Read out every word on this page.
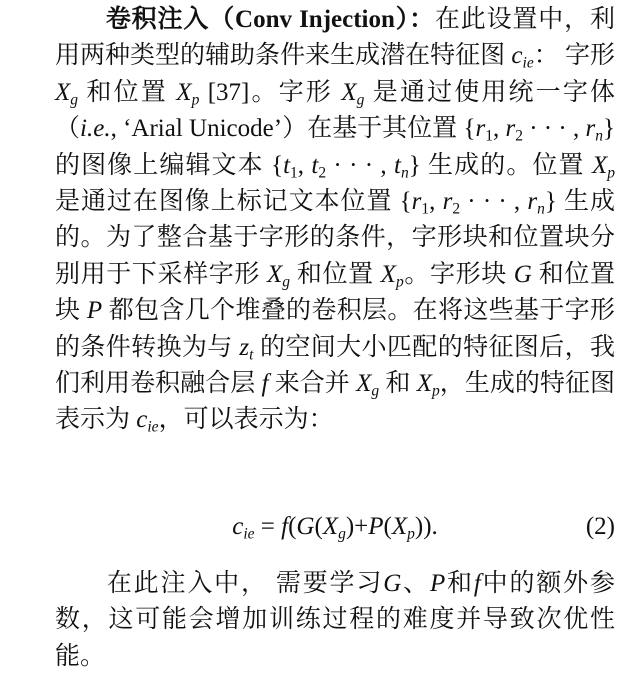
卷积注入（Conv Injection）：在此设置中，利用两种类型的辅助条件来生成潜在特征图 $c_{ie}$： 字形 $X_g$ 和位置 $X_p$ [37]。字形 $X_g$ 是通过使用统一字体（i.e., ‘Arial Unicode’）在基于其位置 {$r_1$, $r_2$ · · · , $r_n$} 的图像上编辑文本 {$t_1$, $t_2$ · · · , $t_n$} 生成的。位置 $X_p$ 是通过在图像上标记文本位置 {$r_1$, $r_2$ · · · , $r_n$} 生成的。为了整合基于字形的条件，字形块和位置块分别用于下采样字形 $X_g$ 和位置 $X_p$。字形块 G 和位置块 P 都包含几个堆叠的卷积层。在将这些基于字形的条件转换为与 $z_t$ 的空间大小匹配的特征图后，我们利用卷积融合层 f 来合并 $X_g$ 和 $X_p$，生成的特征图表示为 $c_{ie}$，可以表示为：

$c_{ie} = f(G(X_g)+P(X_p))$.	(2)

在此注入中， 需要学习G、P和f中的额外参数，这可能会增加训练过程的难度并导致次优性能。
